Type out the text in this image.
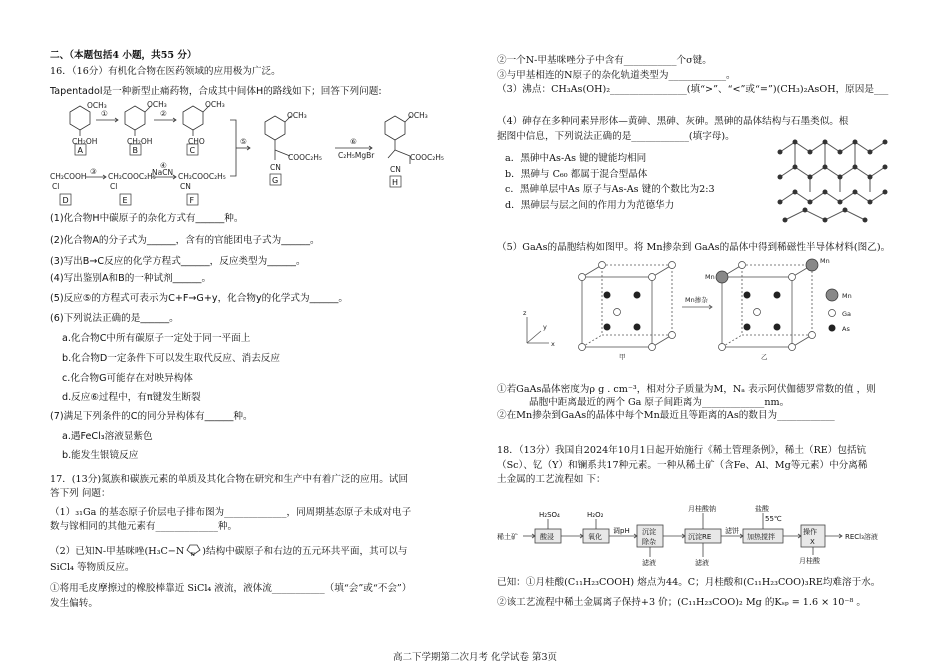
二、（本题包括4 小题，共55 分）
16．（16分）有机化合物在医药领域的应用极为广泛。
Tapentadol是一种新型止痛药物，合成其中间体H的路线如下；回答下列问题:
OCH₃
CH₂OH
OCH₃
CH₂OH
OCH₃
CHO
①	②
⑤
OCH₃
COOC₂H₅
CN
⑥
C₂H₅MgBr
OCH₃
COOC₂H₅
CN
CH₂COOH
Cl
③
CH₂COOC₂H₅
Cl
④
NaCN CH₂COOC₂H₅
CN
A	B	C
D	E	F
G	H
(1)化合物H中碳原子的杂化方式有______种。
(2)化合物A的分子式为______，含有的官能团电子式为______。
(3)写出B→C反应的化学方程式______，反应类型为______。
(4)写出鉴别A和B的一种试剂______。
(5)反应⑤的方程式可表示为C+F→G+y，化合物y的化学式为______。
(6)下列说法正确的是______。
a.化合物C中所有碳原子一定处于同一平面上
b.化合物D一定条件下可以发生取代反应、消去反应
c.化合物G可能存在对映异构体
d.反应⑥过程中，有π键发生断裂
(7)满足下列条件的C的同分异构体有______种。
a.遇FeCl₃溶液显紫色
b.能发生银镜反应
17．(13分)氮族和碳族元素的单质及其化合物在研究和生产中有着广泛的应用。试回
答下列 问题：
（1）₃₁Ga 的基态原子价层电子排布图为_____________，同周期基态原子未成对电子
数与镓相同的其他元素有_____________种。
（2）已知N-甲基咪唑(H₃C−N N )结构中碳原子和右边的五元环共平面，其可以与
SiCl₄ 等物质反应。
①将用毛皮摩擦过的橡胶棒靠近 SiCl₄ 液流，液体流___________（填“会”或“不会”）
发生偏转。
②一个N-甲基咪唑分子中含有___________个σ键。
③与甲基相连的N原子的杂化轨道类型为____________。
（3）沸点：CH₃As(OH)₂________________(填“>”、“<”或“=”)(CH₃)₂AsOH，原因是___
（4）砷存在多种同素异形体—黄砷、黑砷、灰砷。黑砷的晶体结构与石墨类似。根
据图中信息，下列说法正确的是____________(填字母)。
a．黑砷中As-As 键的键能均相同
b．黑砷与 C₆₀ 都属于混合型晶体
c．黑砷单层中As 原子与As-As 键的个数比为2:3
d．黑砷层与层之间的作用力为范德华力
（5）GaAs的晶胞结构如图甲。将 Mn掺杂到 GaAs的晶体中得到稀磁性半导体材料(图乙)。
z
y
x
Mn掺杂
甲	乙
Mn
Mn
Mn
Ga
As
①若GaAs晶体密度为ρ g . cm⁻³，相对分子质量为M，Nₐ 表示阿伏伽德罗常数的值 ，则
晶胞中距离最近的两个 Ga 原子间距离为_____________nm。
②在Mn掺杂到GaAs的晶体中每个Mn最近且等距离的As的数目为____________
18．（13分）我国自2024年10月1日起开始施行《稀土管理条例》，稀土（RE）包括钪
（Sc）、钇（Y）和镧系共17种元素。一种从稀土矿（含Fe、Al、Mg等元素）中分离稀
土金属的工艺流程如 下：
稀土矿
H₂SO₄	H₂O₂
酸浸	氧化
调pH 沉淀
除杂
月桂酸钠
沉淀RE
滤饼
盐酸
55℃
加热搅拌
操作
X
RECl₃溶液
滤液	滤液	月桂酸
已知：①月桂酸(C₁₁H₂₃COOH) 熔点为44。C；月桂酸和(C₁₁H₂₃COO)₃RE均难溶于水。
②该工艺流程中稀土金属离子保持+3 价；(C₁₁H₂₃COO)₂ Mg 的Kₛₚ = 1.6 × 10⁻⁸ 。
高二下学期第二次月考 化学试卷 第3页
